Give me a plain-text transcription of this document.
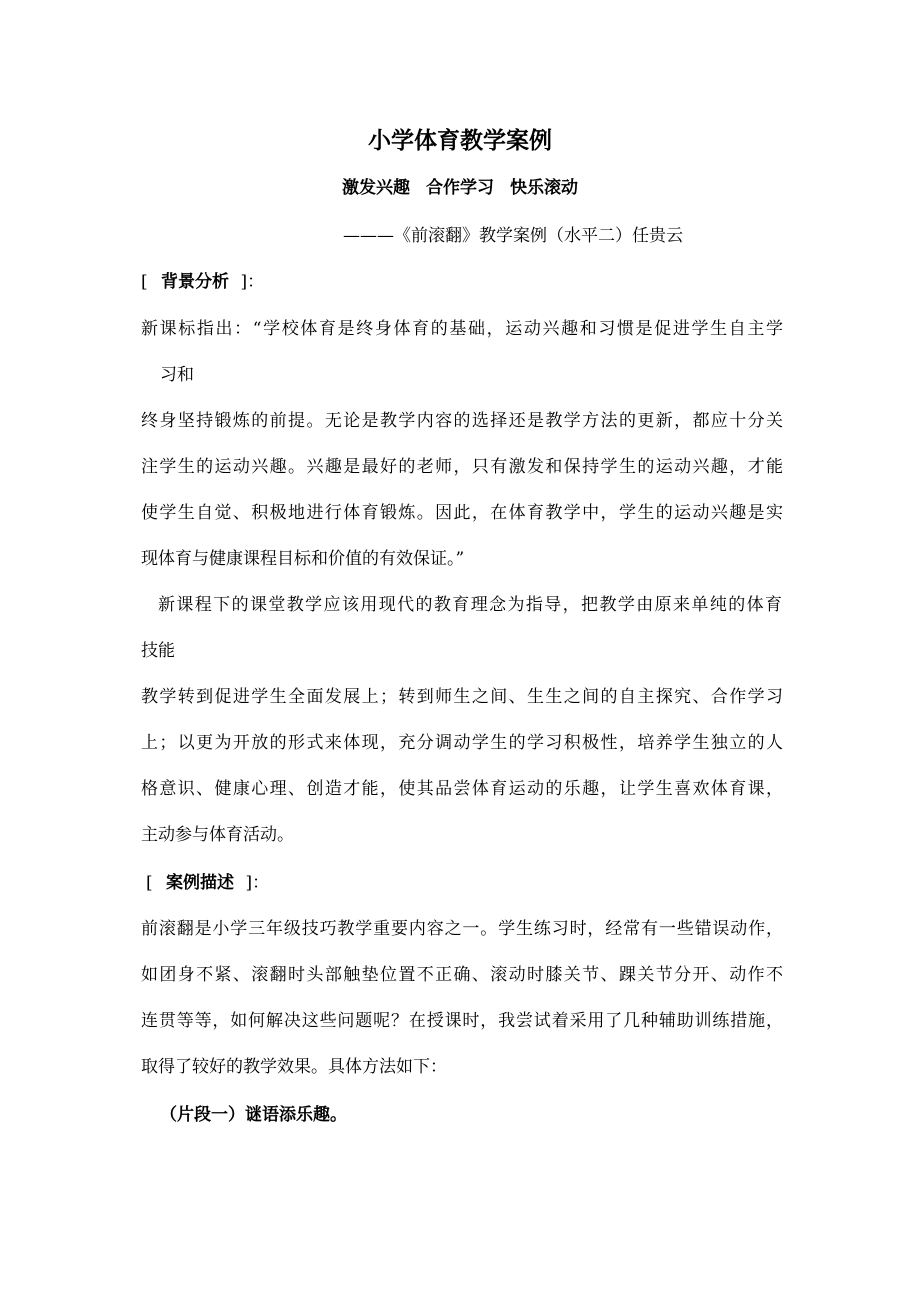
小学体育教学案例
激发兴趣 合作学习 快乐滚动
———《前滚翻》教学案例（水平二）任贵云
[ 背景分析 ]：
新课标指出：“学校体育是终身体育的基础，运动兴趣和习惯是促进学生自主学
习和
终身坚持锻炼的前提。无论是教学内容的选择还是教学方法的更新，都应十分关
注学生的运动兴趣。兴趣是最好的老师，只有激发和保持学生的运动兴趣，才能
使学生自觉、积极地进行体育锻炼。因此，在体育教学中，学生的运动兴趣是实
现体育与健康课程目标和价值的有效保证。”
新课程下的课堂教学应该用现代的教育理念为指导，把教学由原来单纯的体育
技能
教学转到促进学生全面发展上；转到师生之间、生生之间的自主探究、合作学习
上；以更为开放的形式来体现，充分调动学生的学习积极性，培养学生独立的人
格意识、健康心理、创造才能，使其品尝体育运动的乐趣，让学生喜欢体育课，
主动参与体育活动。
[ 案例描述 ]：
前滚翻是小学三年级技巧教学重要内容之一。学生练习时，经常有一些错误动作，
如团身不紧、滚翻时头部触垫位置不正确、滚动时膝关节、踝关节分开、动作不
连贯等等，如何解决这些问题呢？在授课时，我尝试着采用了几种辅助训练措施，
取得了较好的教学效果。具体方法如下：
（片段一）谜语添乐趣。
